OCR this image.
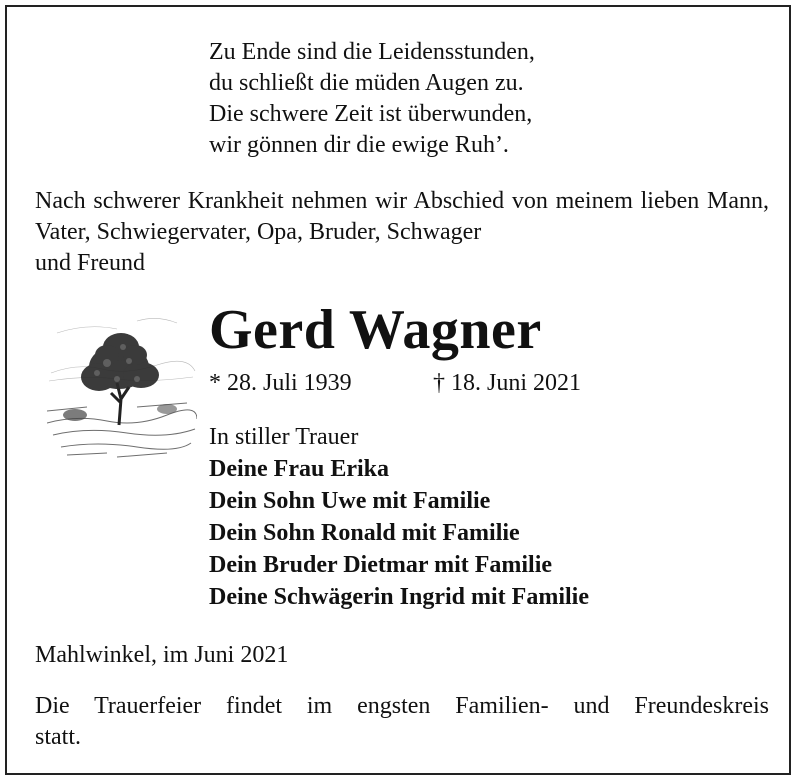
Zu Ende sind die Leidensstunden,
du schließt die müden Augen zu.
Die schwere Zeit ist überwunden,
wir gönnen dir die ewige Ruh’.
Nach schwerer Krankheit nehmen wir Abschied von meinem lieben Mann, Vater, Schwiegervater, Opa, Bruder, Schwager
und Freund
Gerd Wagner
* 28. Juli 1939	† 18. Juni 2021
In stiller Trauer
Deine Frau Erika
Dein Sohn Uwe mit Familie
Dein Sohn Ronald mit Familie
Dein Bruder Dietmar mit Familie
Deine Schwägerin Ingrid mit Familie
Mahlwinkel, im Juni 2021
Die Trauerfeier findet im engsten Familien- und Freundeskreis
statt.
